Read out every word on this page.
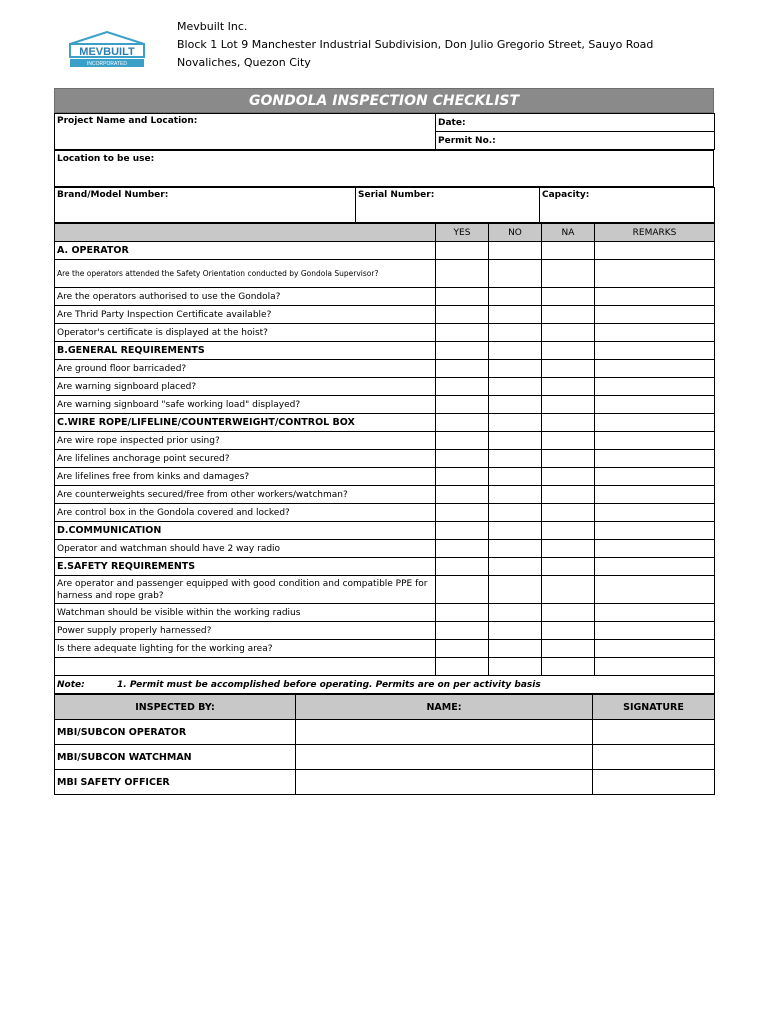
MEVBUILT
INCORPORATED
Mevbuilt Inc.
Block 1 Lot 9 Manchester Industrial Subdivision, Don Julio Gregorio Street, Sauyo Road
Novaliches, Quezon City
GONDOLA INSPECTION CHECKLIST
Project Name and Location:	Date:
Permit No.:
Location to be use:
Brand/Model Number:	Serial Number:	Capacity:
	YES	NO	NA	REMARKS
A. OPERATOR				
Are the operators attended the Safety Orientation conducted by Gondola Supervisor?				
Are the operators authorised to use the Gondola?				
Are Thrid Party Inspection Certificate available?				
Operator's certificate is displayed at the hoist?				
B.GENERAL REQUIREMENTS				
Are ground floor barricaded?				
Are warning signboard placed?				
Are warning signboard "safe working load" displayed?				
C.WIRE ROPE/LIFELINE/COUNTERWEIGHT/CONTROL BOX				
Are wire rope inspected prior using?				
Are lifelines anchorage point secured?				
Are lifelines free from kinks and damages?				
Are counterweights secured/free from other workers/watchman?				
Are control box in the Gondola covered and locked?				
D.COMMUNICATION				
Operator and watchman should have 2 way radio				
E.SAFETY REQUIREMENTS				
Are operator and passenger equipped with good condition and compatible PPE for harness and rope grab?				
Watchman should be visible within the working radius				
Power supply properly harnessed?				
Is there adequate lighting for the working area?				

Note: 1. Permit must be accomplished before operating. Permits are on per activity basis				
INSPECTED BY:	NAME:	SIGNATURE
MBI/SUBCON OPERATOR		
MBI/SUBCON WATCHMAN		
MBI SAFETY OFFICER		
